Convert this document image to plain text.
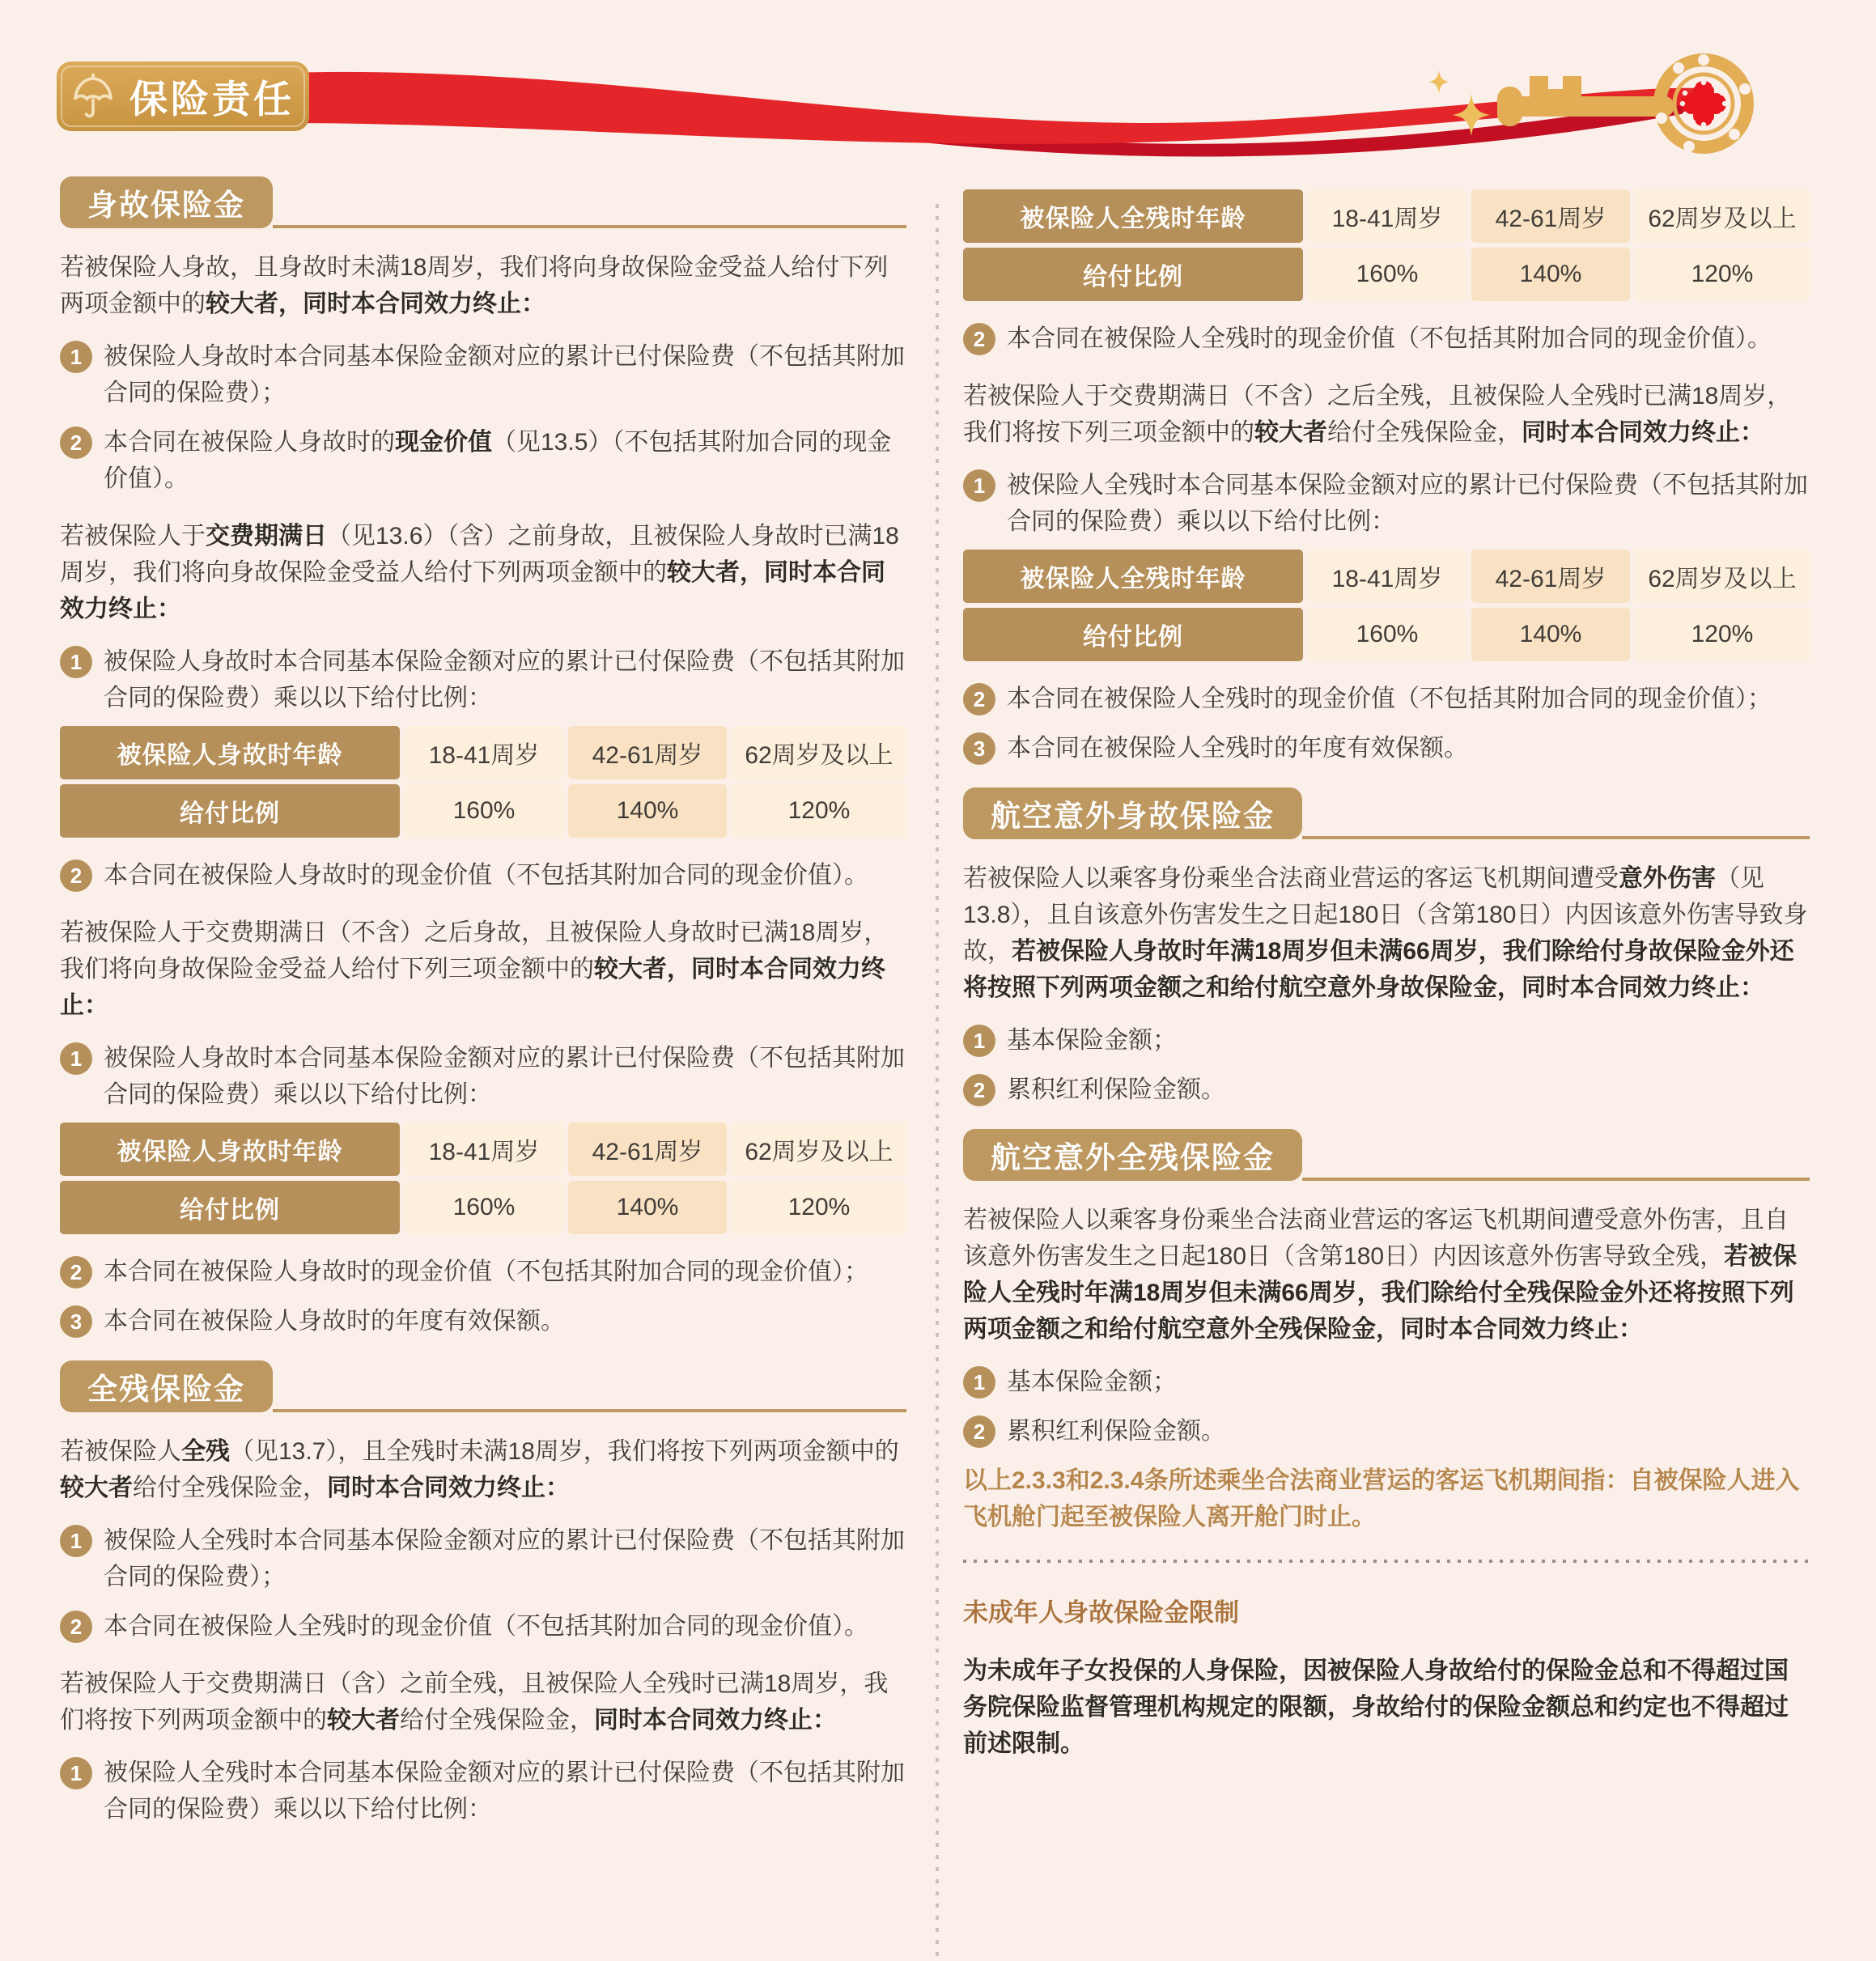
保险责任
身故保险金

若被保险人身故，且身故时未满18周岁，我们将向身故保险金受益人给付下列两项金额中的较大者，同时本合同效力终止：

1 被保险人身故时本合同基本保险金额对应的累计已付保险费（不包括其附加合同的保险费）；
2 本合同在被保险人身故时的现金价值（见13.5）（不包括其附加合同的现金价值）。

若被保险人于交费期满日（见13.6）（含）之前身故，且被保险人身故时已满18周岁，我们将向身故保险金受益人给付下列两项金额中的较大者，同时本合同效力终止：

1 被保险人身故时本合同基本保险金额对应的累计已付保险费（不包括其附加合同的保险费）乘以以下给付比例：
被保险人身故时年龄	18-41周岁	42-61周岁	62周岁及以上
给付比例	160%	140%	120%
2 本合同在被保险人身故时的现金价值（不包括其附加合同的现金价值）。

若被保险人于交费期满日（不含）之后身故，且被保险人身故时已满18周岁，我们将向身故保险金受益人给付下列三项金额中的较大者，同时本合同效力终止：

1 被保险人身故时本合同基本保险金额对应的累计已付保险费（不包括其附加合同的保险费）乘以以下给付比例：
被保险人身故时年龄	18-41周岁	42-61周岁	62周岁及以上
给付比例	160%	140%	120%
2 本合同在被保险人身故时的现金价值（不包括其附加合同的现金价值）；
3 本合同在被保险人身故时的年度有效保额。
全残保险金

若被保险人全残（见13.7），且全残时未满18周岁，我们将按下列两项金额中的较大者给付全残保险金，同时本合同效力终止：

1 被保险人全残时本合同基本保险金额对应的累计已付保险费（不包括其附加合同的保险费）；
2 本合同在被保险人全残时的现金价值（不包括其附加合同的现金价值）。

若被保险人于交费期满日（含）之前全残，且被保险人全残时已满18周岁，我们将按下列两项金额中的较大者给付全残保险金，同时本合同效力终止：

1 被保险人全残时本合同基本保险金额对应的累计已付保险费（不包括其附加合同的保险费）乘以以下给付比例：
被保险人全残时年龄	18-41周岁	42-61周岁	62周岁及以上
给付比例	160%	140%	120%
2 本合同在被保险人全残时的现金价值（不包括其附加合同的现金价值）。

若被保险人于交费期满日（不含）之后全残，且被保险人全残时已满18周岁，我们将按下列三项金额中的较大者给付全残保险金，同时本合同效力终止：

1 被保险人全残时本合同基本保险金额对应的累计已付保险费（不包括其附加合同的保险费）乘以以下给付比例：
被保险人全残时年龄	18-41周岁	42-61周岁	62周岁及以上
给付比例	160%	140%	120%
2 本合同在被保险人全残时的现金价值（不包括其附加合同的现金价值）；
3 本合同在被保险人全残时的年度有效保额。
航空意外身故保险金

若被保险人以乘客身份乘坐合法商业营运的客运飞机期间遭受意外伤害（见13.8），且自该意外伤害发生之日起180日（含第180日）内因该意外伤害导致身故，若被保险人身故时年满18周岁但未满66周岁，我们除给付身故保险金外还将按照下列两项金额之和给付航空意外身故保险金，同时本合同效力终止：

1 基本保险金额；
2 累积红利保险金额。
航空意外全残保险金

若被保险人以乘客身份乘坐合法商业营运的客运飞机期间遭受意外伤害，且自该意外伤害发生之日起180日（含第180日）内因该意外伤害导致全残，若被保险人全残时年满18周岁但未满66周岁，我们除给付全残保险金外还将按照下列两项金额之和给付航空意外全残保险金，同时本合同效力终止：

1 基本保险金额；
2 累积红利保险金额。

以上2.3.3和2.3.4条所述乘坐合法商业营运的客运飞机期间指：自被保险人进入飞机舱门起至被保险人离开舱门时止。

未成年人身故保险金限制

为未成年子女投保的人身保险，因被保险人身故给付的保险金总和不得超过国务院保险监督管理机构规定的限额，身故给付的保险金额总和约定也不得超过前述限制。
